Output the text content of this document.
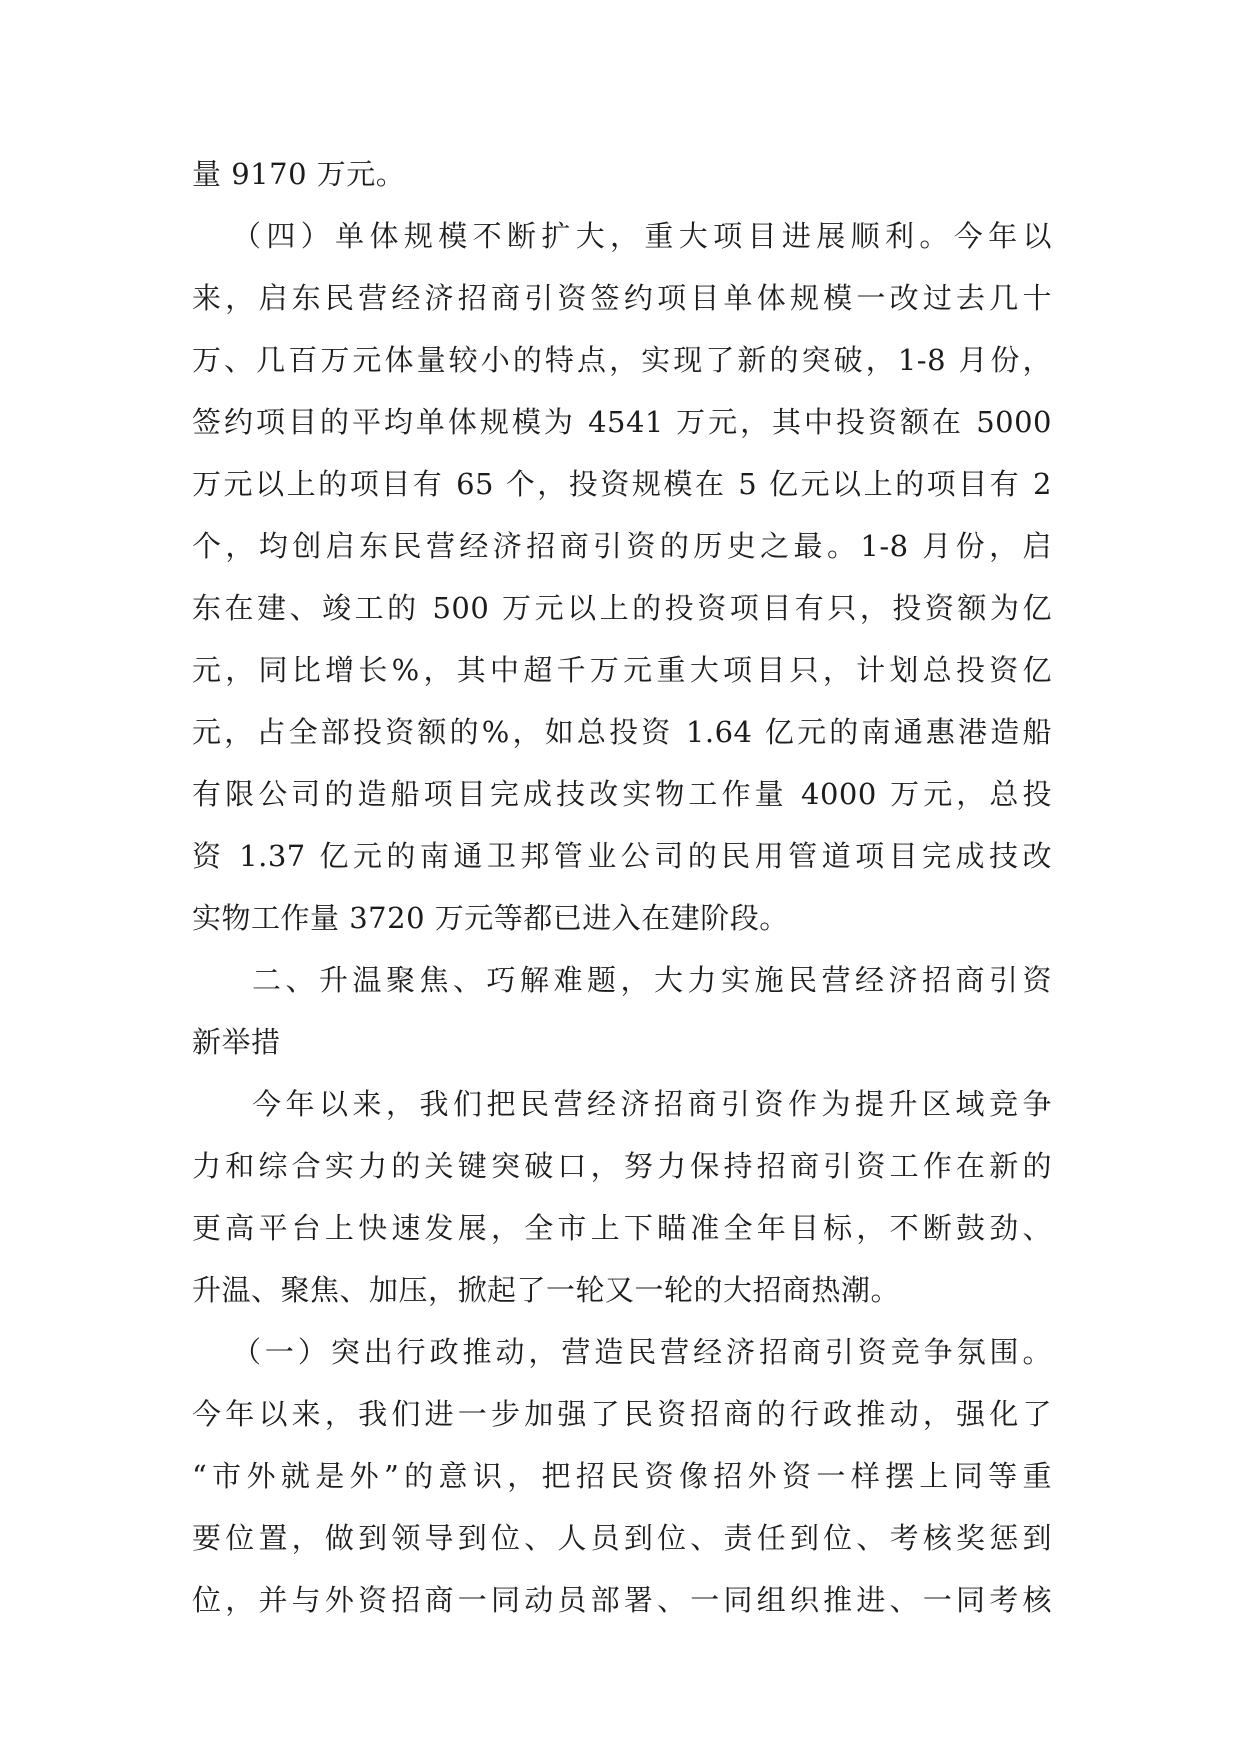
量 9170 万元。
（四）单体规模不断扩大，重大项目进展顺利。今年以
来，启东民营经济招商引资签约项目单体规模一改过去几十
万、几百万元体量较小的特点，实现了新的突破，1-8 月份，
签约项目的平均单体规模为 4541 万元，其中投资额在 5000
万元以上的项目有 65 个，投资规模在 5 亿元以上的项目有 2
个，均创启东民营经济招商引资的历史之最。1-8 月份，启
东在建、竣工的 500 万元以上的投资项目有只，投资额为亿
元，同比增长%，其中超千万元重大项目只，计划总投资亿
元，占全部投资额的%，如总投资 1.64 亿元的南通惠港造船
有限公司的造船项目完成技改实物工作量 4000 万元，总投
资 1.37 亿元的南通卫邦管业公司的民用管道项目完成技改
实物工作量 3720 万元等都已进入在建阶段。
二、升温聚焦、巧解难题，大力实施民营经济招商引资
新举措
今年以来，我们把民营经济招商引资作为提升区域竞争
力和综合实力的关键突破口，努力保持招商引资工作在新的
更高平台上快速发展，全市上下瞄准全年目标，不断鼓劲、
升温、聚焦、加压，掀起了一轮又一轮的大招商热潮。
（一）突出行政推动，营造民营经济招商引资竞争氛围。
今年以来，我们进一步加强了民资招商的行政推动，强化了
“市外就是外”的意识，把招民资像招外资一样摆上同等重
要位置，做到领导到位、人员到位、责任到位、考核奖惩到
位，并与外资招商一同动员部署、一同组织推进、一同考核
